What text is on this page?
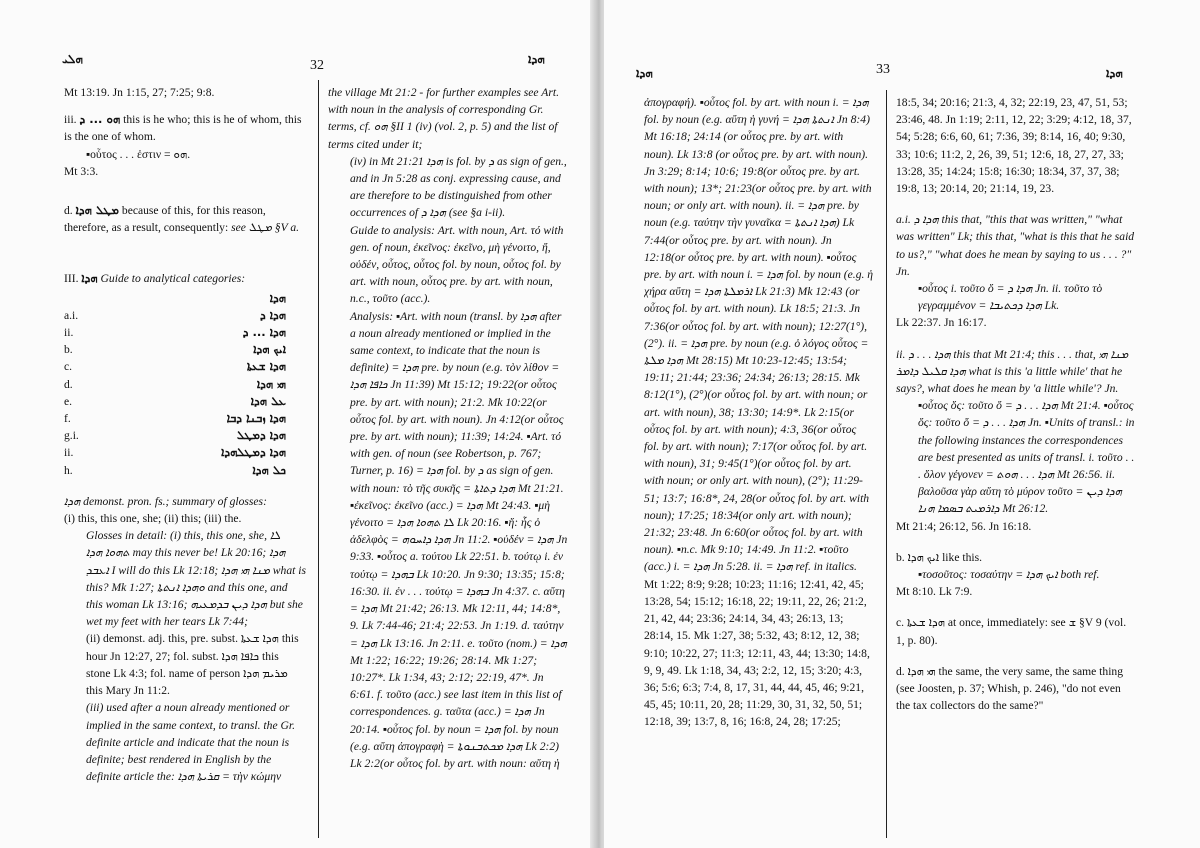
ܗܠܝ	32	ܗܕܐ

Mt 13:19. Jn 1:15, 27; 7:25; 9:8.

iii. ܗܘ ... ܕ this is he who; this is he of whom, this is the one of whom.

▪οὗτος . . . ἐστιν = ܗܘ.

Mt 3:3.

d. ܡܛܠ ܗܕܐ because of this, for this reason, therefore, as a result, consequently: see ܡܛܠ §V a.

III. ܗܕܐ Guide to analytical categories:

ܗܕܐ
a.i.	ܗܕܐ ܕ
ii.	ܗܕܐ ... ܕ
b.	ܐܝܟ ܗܕܐ
c.	ܗܕܐ ܫܥܬܐ
d.	ܗܝ ܗܕܐ
e.	ܥܠ ܗܕܐ
f.	ܗܕܐ ܙܒܢܐ ܕܒܐ
g.i.	ܗܕܐ ܕܡܛܠ
ii.	ܗܕܐ ܕܡܛܠܗܕܐ
h.	ܟܠ ܗܕܐ

ܗܕܐ demonst. pron. fs.; summary of glosses:

(i) this, this one, she; (ii) this; (iii) the.

Glosses in detail: (i) this, this one, she, ܠܐ ܬܗܘܐ ܗܕܐ may this never be! Lk 20:16; ܗܕܐ ܐܥܒܕ I will do this Lk 12:18; ܡܢܐ ܗܝ ܗܕܐ what is this? Mk 1:27; ܘܗܕܐ ܐܢܬܬܐ and this one, and this woman Lk 13:16; ܗܕܐ ܕܝܢ ܒܕܡܥܝܗ but she wet my feet with her tears Lk 7:44;

(ii) demonst. adj. this, pre. subst. ܗܕܐ ܫܥܬܐ this hour Jn 12:27, 27; fol. subst. ܟܐܦܐ ܗܕܐ this stone Lk 4:3; fol. name of person ܡܪܝܡ ܗܕܐ this Mary Jn 11:2.

(iii) used after a noun already mentioned or implied in the same context, to transl. the Gr. definite article and indicate that the noun is definite; best rendered in English by the definite article the: ܩܪܝܬܐ ܗܕܐ = τὴν κώμην

the village Mt 21:2 - for further examples see Art. with noun in the analysis of corresponding Gr. terms, cf. ܗܘ §II 1 (iv) (vol. 2, p. 5) and the list of terms cited under it;

(iv) in Mt 21:21 ܗܕܐ is fol. by ܕ as sign of gen., and in Jn 5:28 as conj. expressing cause, and are therefore to be distinguished from other occurrences of ܗܕܐ ܕ (see §a i-ii).

Guide to analysis: Art. with noun, Art. τό with gen. of noun, ἐκεῖνος: ἐκεῖνο, μὴ γένοιτο, ἥ, οὐδέν, οὗτος, οὗτος fol. by noun, οὗτος fol. by art. with noun, οὗτος pre. by art. with noun, n.c., τοῦτο (acc.).

Analysis: ▪Art. with noun (transl. by ܗܕܐ after a noun already mentioned or implied in the same context, to indicate that the noun is definite) = ܗܕܐ pre. by noun (e.g. τὸν λίθον = ܟܐܦܐ ܗܕܐ Jn 11:39) Mt 15:12; 19:22(or οὗτος pre. by art. with noun); 21:2. Mk 10:22(or οὗτος fol. by art. with noun). Jn 4:12(or οὗτος pre. by art. with noun); 11:39; 14:24. ▪Art. τό with gen. of noun (see Robertson, p. 767; Turner, p. 16) = ܗܕܐ fol. by ܕ as sign of gen. with noun: τὸ τῆς συκῆς = ܗܕܐ ܕܬܐܬܐ Mt 21:21. ▪ἐκεῖνος: ἐκεῖνο (acc.) = ܗܕܐ Mt 24:43. ▪μὴ γένοιτο = ܠܐ ܬܗܘܐ ܗܕܐ Lk 20:16. ▪ἥ: ἧς ὁ ἀδελφὸς = ܗܕܐ ܕܐܚܘܗ Jn 11:2. ▪οὐδέν = ܗܕܐ Jn 9:33. ▪οὗτος a. τούτου Lk 22:51. b. τούτῳ i. ἐν τούτῳ = ܒܗܕܐ Lk 10:20. Jn 9:30; 13:35; 15:8; 16:30. ii. ἐν . . . τούτῳ = ܒܗܕܐ Jn 4:37. c. αὕτη = ܗܕܐ Mt 21:42; 26:13. Mk 12:11, 44; 14:8*, 9. Lk 7:44-46; 21:4; 22:53. Jn 1:19. d. ταύτην = ܗܕܐ Lk 13:16. Jn 2:11. e. τοῦτο (nom.) = ܗܕܐ Mt 1:22; 16:22; 19:26; 28:14. Mk 1:27; 10:27*. Lk 1:34, 43; 2:12; 22:19, 47*. Jn 6:61. f. τοῦτο (acc.) see last item in this list of correspondences. g. ταῦτα (acc.) = ܗܕܐ Jn 20:14. ▪οὗτος fol. by noun = ܗܕܐ fol. by noun (e.g. αὕτη ἀπογραφὴ = ܗܕܐ ܡܟܬܒܢܘܬܐ Lk 2:2) Lk 2:2(or οὗτος fol. by art. with noun: αὕτη ἡ

ܗܕܐ	33	ܗܕܐ

ἀπογραφή). ▪οὗτος fol. by art. with noun i. = ܗܕܐ fol. by noun (e.g. αὕτη ἡ γυνή = ܐܢܬܬܐ ܗܕܐ Jn 8:4) Mt 16:18; 24:14 (or οὗτος pre. by art. with noun). Lk 13:8 (or οὗτος pre. by art. with noun). Jn 3:29; 8:14; 10:6; 19:8(or οὗτος pre. by art. with noun); 13*; 21:23(or οὗτος pre. by art. with noun; or only art. with noun). ii. = ܗܕܐ pre. by noun (e.g. ταύτην τὴν γυναῖκα = ܗܕܐ ܐܢܬܬܐ) Lk 7:44(or οὗτος pre. by art. with noun). Jn 12:18(or οὗτος pre. by art. with noun). ▪οὗτος pre. by art. with noun i. = ܗܕܐ fol. by noun (e.g. ἡ χήρα αὕτη = ܐܪܡܠܬܐ ܗܕܐ Lk 21:3) Mk 12:43 (or οὗτος fol. by art. with noun). Lk 18:5; 21:3. Jn 7:36(or οὗτος fol. by art. with noun); 12:27(1°), (2°). ii. = ܗܕܐ pre. by noun (e.g. ὁ λόγος οὗτος = ܗܕܐ ܡܠܬܐ Mt 28:15) Mt 10:23-12:45; 13:54; 19:11; 21:44; 23:36; 24:34; 26:13; 28:15. Mk 8:12(1°), (2°)(or οὗτος fol. by art. with noun; or art. with noun), 38; 13:30; 14:9*. Lk 2:15(or οὗτος fol. by art. with noun); 4:3, 36(or οὗτος fol. by art. with noun); 7:17(or οὗτος fol. by art. with noun), 31; 9:45(1°)(or οὗτος fol. by art. with noun; or only art. with noun), (2°); 11:29-51; 13:7; 16:8*, 24, 28(or οὗτος fol. by art. with noun); 17:25; 18:34(or only art. with noun); 21:32; 23:48. Jn 6:60(or οὗτος fol. by art. with noun). ▪n.c. Mk 9:10; 14:49. Jn 11:2. ▪τοῦτο (acc.) i. = ܗܕܐ Jn 5:28. ii. = ܗܕܐ ref. in italics.

Mt 1:22; 8:9; 9:28; 10:23; 11:16; 12:41, 42, 45; 13:28, 54; 15:12; 16:18, 22; 19:11, 22, 26; 21:2, 21, 42, 44; 23:36; 24:14, 34, 43; 26:13, 13; 28:14, 15. Mk 1:27, 38; 5:32, 43; 8:12, 12, 38; 9:10; 10:22, 27; 11:3; 12:11, 43, 44; 13:30; 14:8, 9, 9, 49. Lk 1:18, 34, 43; 2:2, 12, 15; 3:20; 4:3, 36; 5:6; 6:3; 7:4, 8, 17, 31, 44, 44, 45, 46; 9:21, 45, 45; 10:11, 20, 28; 11:29, 30, 31, 32, 50, 51; 12:18, 39; 13:7, 8, 16; 16:8, 24, 28; 17:25;

18:5, 34; 20:16; 21:3, 4, 32; 22:19, 23, 47, 51, 53; 23:46, 48. Jn 1:19; 2:11, 12, 22; 3:29; 4:12, 18, 37, 54; 5:28; 6:6, 60, 61; 7:36, 39; 8:14, 16, 40; 9:30, 33; 10:6; 11:2, 2, 26, 39, 51; 12:6, 18, 27, 27, 33; 13:28, 35; 14:24; 15:8; 16:30; 18:34, 37, 37, 38; 19:8, 13; 20:14, 20; 21:14, 19, 23.

a.i. ܗܕܐ ܕ this that, "this that was written," "what was written" Lk; this that, "what is this that he said to us?," "what does he mean by saying to us . . . ?" Jn.

▪οὗτος i. τοῦτο ὅ = ܗܕܐ ܕ Jn. ii. τοῦτο τὸ γεγραμμένον = ܗܕܐ ܕܟܬܝܒܐ Lk.

Lk 22:37. Jn 16:17.

ii. ܗܕܐ . . . ܕ this that Mt 21:4; this . . . that, ܡܢܐ ܗܝ ܗܕܐ ܩܠܝܠ ܕܐܡܪ what is this 'a little while' that he says?, what does he mean by 'a little while'? Jn.

▪οὗτος ὅς: τοῦτο ὅ = ܗܕܐ . . . ܕ Mt 21:4. ▪οὗτος ὅς: τοῦτο ὅ = ܗܕܐ . . . ܕ Jn. ▪Units of transl.: in the following instances the correspondences are best presented as units of transl. i. τοῦτο . . . ὅλον γέγονεν = ܗܕܐ . . . ܗܘܬ Mt 26:56. ii. βαλοῦσα γὰρ αὕτη τὸ μύρον τοῦτο = ܗܕܐ ܕܝܢ ܕܐܪܡܝܬ ܒܣܡܐ ܗܢܐ Mt 26:12.

Mt 21:4; 26:12, 56. Jn 16:18.

b. ܐܝܟ ܗܕܐ like this.

▪τοσοῦτος: τοσαύτην = ܐܝܟ ܗܕܐ both ref.

Mt 8:10. Lk 7:9.

c. ܗܕܐ ܫܥܬܐ at once, immediately: see ܫ §V 9 (vol. 1, p. 80).

d. ܗܝ ܗܕܐ the same, the very same, the same thing (see Joosten, p. 37; Whish, p. 246), "do not even the tax collectors do the same?"
